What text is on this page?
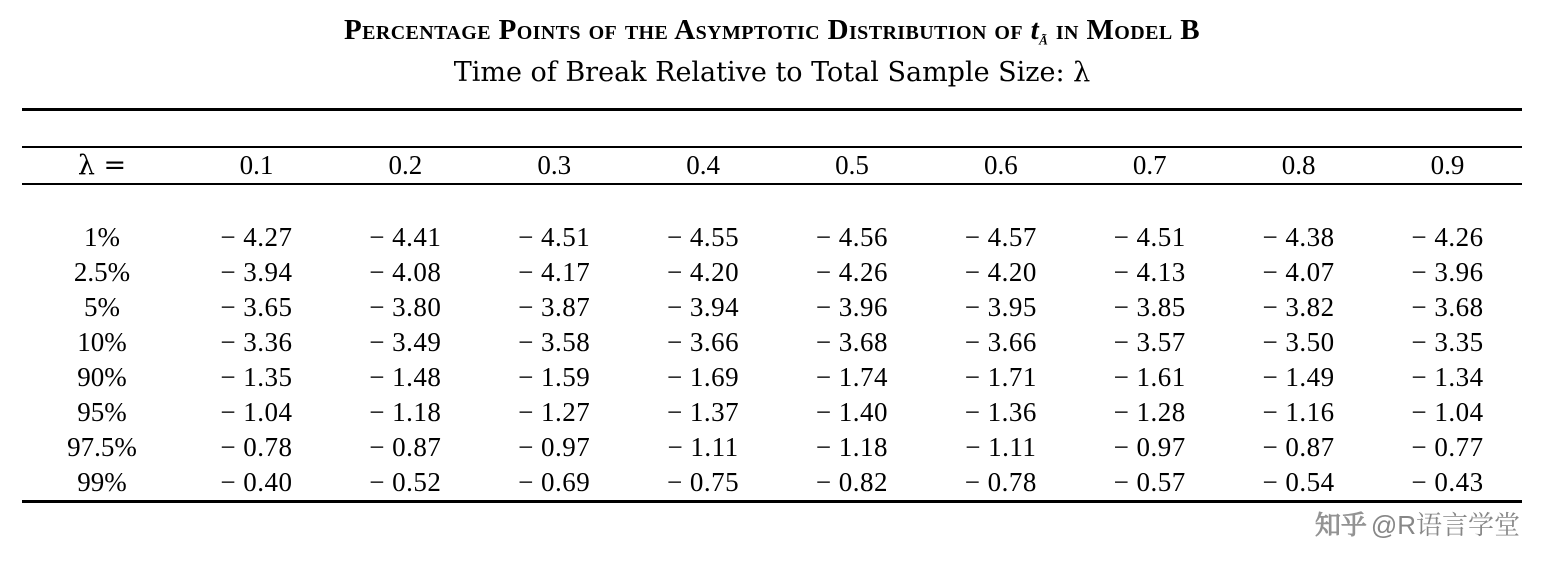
Percentage Points of the Asymptotic Distribution of $t_ã$ in Model B
Time of Break Relative to Total Sample Size: λ

λ =	0.1	0.2	0.3	0.4	0.5	0.6	0.7	0.8	0.9

1%	− 4.27	− 4.41	− 4.51	− 4.55	− 4.56	− 4.57	− 4.51	− 4.38	− 4.26
2.5%	− 3.94	− 4.08	− 4.17	− 4.20	− 4.26	− 4.20	− 4.13	− 4.07	− 3.96
5%	− 3.65	− 3.80	− 3.87	− 3.94	− 3.96	− 3.95	− 3.85	− 3.82	− 3.68
10%	− 3.36	− 3.49	− 3.58	− 3.66	− 3.68	− 3.66	− 3.57	− 3.50	− 3.35
90%	− 1.35	− 1.48	− 1.59	− 1.69	− 1.74	− 1.71	− 1.61	− 1.49	− 1.34
95%	− 1.04	− 1.18	− 1.27	− 1.37	− 1.40	− 1.36	− 1.28	− 1.16	− 1.04
97.5%	− 0.78	− 0.87	− 0.97	− 1.11	− 1.18	− 1.11	− 0.97	− 0.87	− 0.77
99%	− 0.40	− 0.52	− 0.69	− 0.75	− 0.82	− 0.78	− 0.57	− 0.54	− 0.43

知乎 @R语言学堂
